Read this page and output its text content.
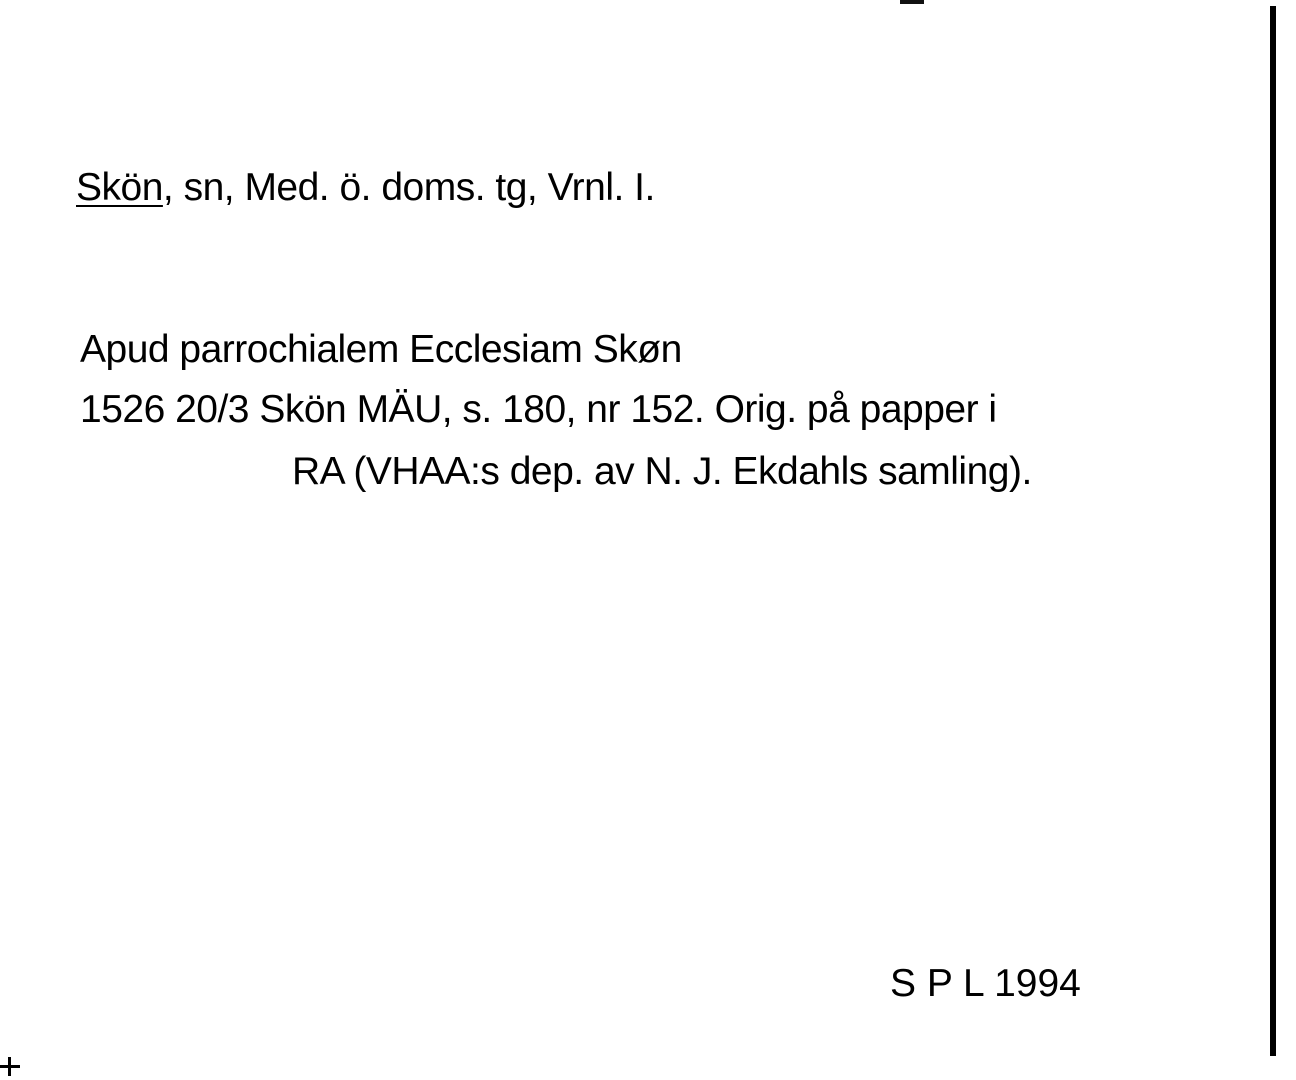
Skön, sn, Med. ö. doms. tg, Vrnl. I.
Apud parrochialem Ecclesiam Skøn
1526 20/3 Skön MÄU, s. 180, nr 152. Orig. på papper i
RA (VHAA:s dep. av N. J. Ekdahls samling).
S P L 1994
